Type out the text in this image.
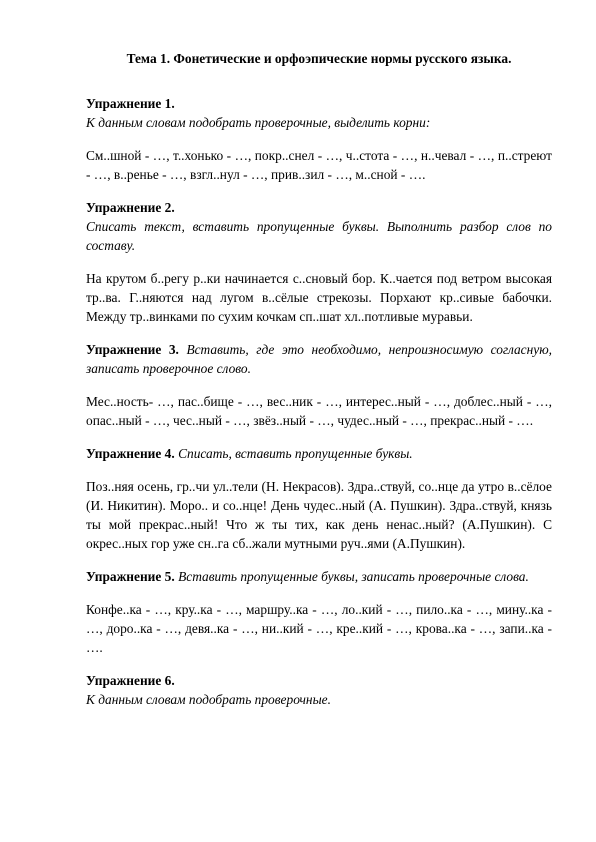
Тема 1. Фонетические и орфоэпические нормы русского языка.
Упражнение 1.
К данным словам подобрать проверочные, выделить корни:
См..шной - …, т..хонько - …, покр..снел - …, ч..стота - …, н..чевал - …, п..стреют - …, в..ренье - …, взгл..нул - …, прив..зил - …, м..сной - ….
Упражнение 2.
Списать текст, вставить пропущенные буквы. Выполнить разбор слов по составу.
На крутом б..регу р..ки начинается с..сновый бор. К..чается под ветром высокая тр..ва. Г..няются над лугом в..сёлые стрекозы. Порхают кр..сивые бабочки. Между тр..винками по сухим кочкам сп..шат хл..потливые муравьи.
Упражнение 3. Вставить, где это необходимо, непроизносимую согласную, записать проверочное слово.
Мес..ность- …, пас..бище - …, вес..ник - …, интерес..ный - …, доблес..ный - …, опас..ный - …, чес..ный - …, звёз..ный - …, чудес..ный - …, прекрас..ный - ….
Упражнение 4. Списать, вставить пропущенные буквы.
Поз..няя осень, гр..чи ул..тели (Н. Некрасов). Здра..ствуй, со..нце да утро в..сёлое (И. Никитин). Моро.. и со..нце! День чудес..ный (А. Пушкин). Здра..ствуй, князь ты мой прекрас..ный! Что ж ты тих, как день ненас..ный? (А.Пушкин). С окрес..ных гор уже сн..га сб..жали мутными руч..ями (А.Пушкин).
Упражнение 5. Вставить пропущенные буквы, записать проверочные слова.
Конфе..ка - …, кру..ка - …, маршру..ка - …, ло..кий - …, пило..ка - …, мину..ка - …, доро..ка - …, девя..ка - …, ни..кий - …, кре..кий - …, крова..ка - …, запи..ка - ….
Упражнение 6.
К данным словам подобрать проверочные.
